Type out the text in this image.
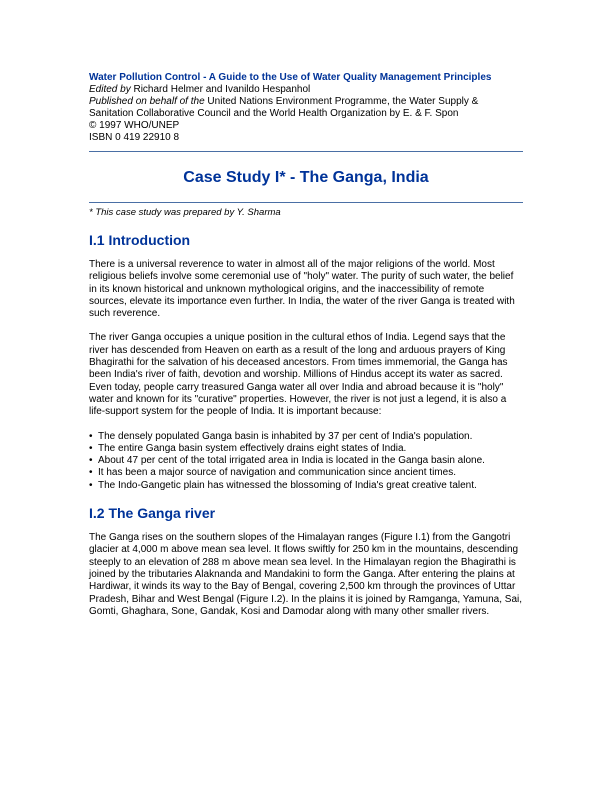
Water Pollution Control - A Guide to the Use of Water Quality Management Principles

Edited by Richard Helmer and Ivanildo Hespanhol

Published on behalf of the United Nations Environment Programme, the Water Supply & Sanitation Collaborative Council and the World Health Organization by E. & F. Spon

© 1997 WHO/UNEP

ISBN 0 419 22910 8

Case Study I* - The Ganga, India

* This case study was prepared by Y. Sharma

I.1 Introduction

There is a universal reverence to water in almost all of the major religions of the world. Most religious beliefs involve some ceremonial use of "holy" water. The purity of such water, the belief in its known historical and unknown mythological origins, and the inaccessibility of remote sources, elevate its importance even further. In India, the water of the river Ganga is treated with such reverence.

The river Ganga occupies a unique position in the cultural ethos of India. Legend says that the river has descended from Heaven on earth as a result of the long and arduous prayers of King Bhagirathi for the salvation of his deceased ancestors. From times immemorial, the Ganga has been India's river of faith, devotion and worship. Millions of Hindus accept its water as sacred. Even today, people carry treasured Ganga water all over India and abroad because it is "holy" water and known for its "curative" properties. However, the river is not just a legend, it is also a life-support system for the people of India. It is important because:

• The densely populated Ganga basin is inhabited by 37 per cent of India's population.
• The entire Ganga basin system effectively drains eight states of India.
• About 47 per cent of the total irrigated area in India is located in the Ganga basin alone.
• It has been a major source of navigation and communication since ancient times.
• The Indo-Gangetic plain has witnessed the blossoming of India's great creative talent.
I.2 The Ganga river

The Ganga rises on the southern slopes of the Himalayan ranges (Figure I.1) from the Gangotri glacier at 4,000 m above mean sea level. It flows swiftly for 250 km in the mountains, descending steeply to an elevation of 288 m above mean sea level. In the Himalayan region the Bhagirathi is joined by the tributaries Alaknanda and Mandakini to form the Ganga. After entering the plains at Hardiwar, it winds its way to the Bay of Bengal, covering 2,500 km through the provinces of Uttar Pradesh, Bihar and West Bengal (Figure I.2). In the plains it is joined by Ramganga, Yamuna, Sai, Gomti, Ghaghara, Sone, Gandak, Kosi and Damodar along with many other smaller rivers.
